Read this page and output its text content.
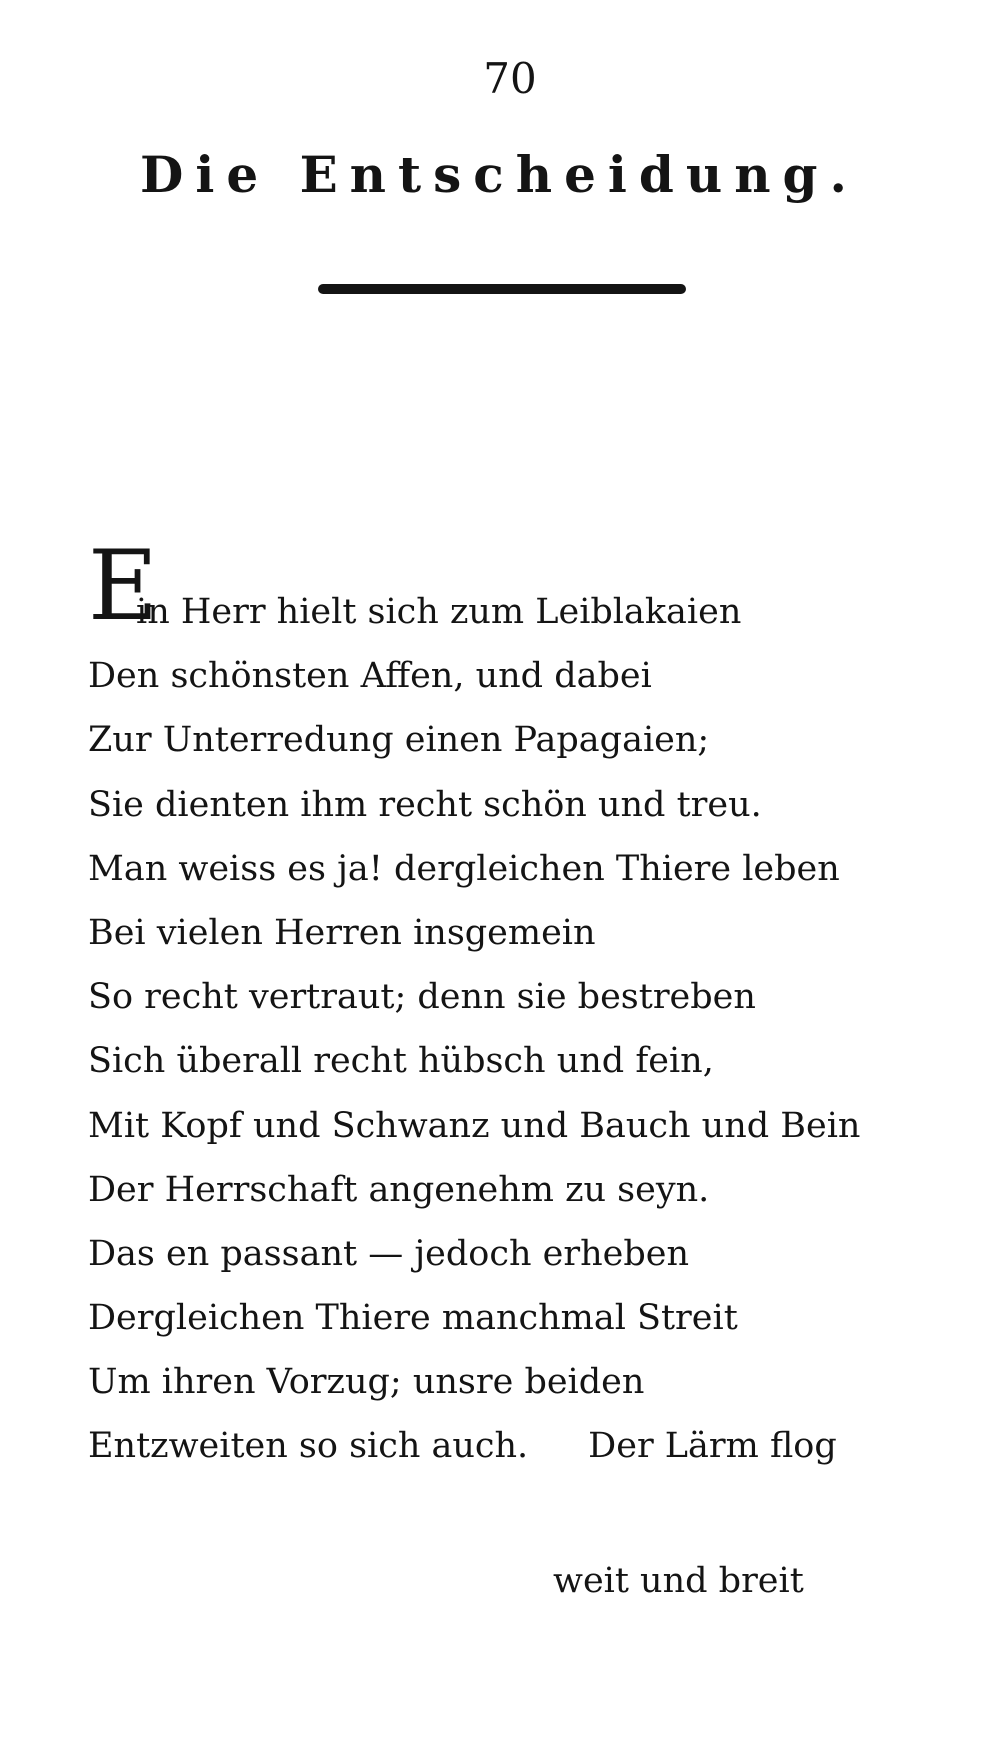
70
Die Entscheidung.
E
in Herr hielt sich zum Leiblakaien
Den schönsten Affen, und dabei
Zur Unterredung einen Papagaien;
Sie dienten ihm recht schön und treu.
Man weiss es ja! dergleichen Thiere leben
Bei vielen Herren insgemein
So recht vertraut; denn sie bestreben
Sich überall recht hübsch und fein,
Mit Kopf und Schwanz und Bauch und Bein
Der Herrschaft angenehm zu seyn.
Das en passant — jedoch erheben
Dergleichen Thiere manchmal Streit
Um ihren Vorzug; unsre beiden
Entzweiten so sich auch. Der Lärm flog
weit und breit
